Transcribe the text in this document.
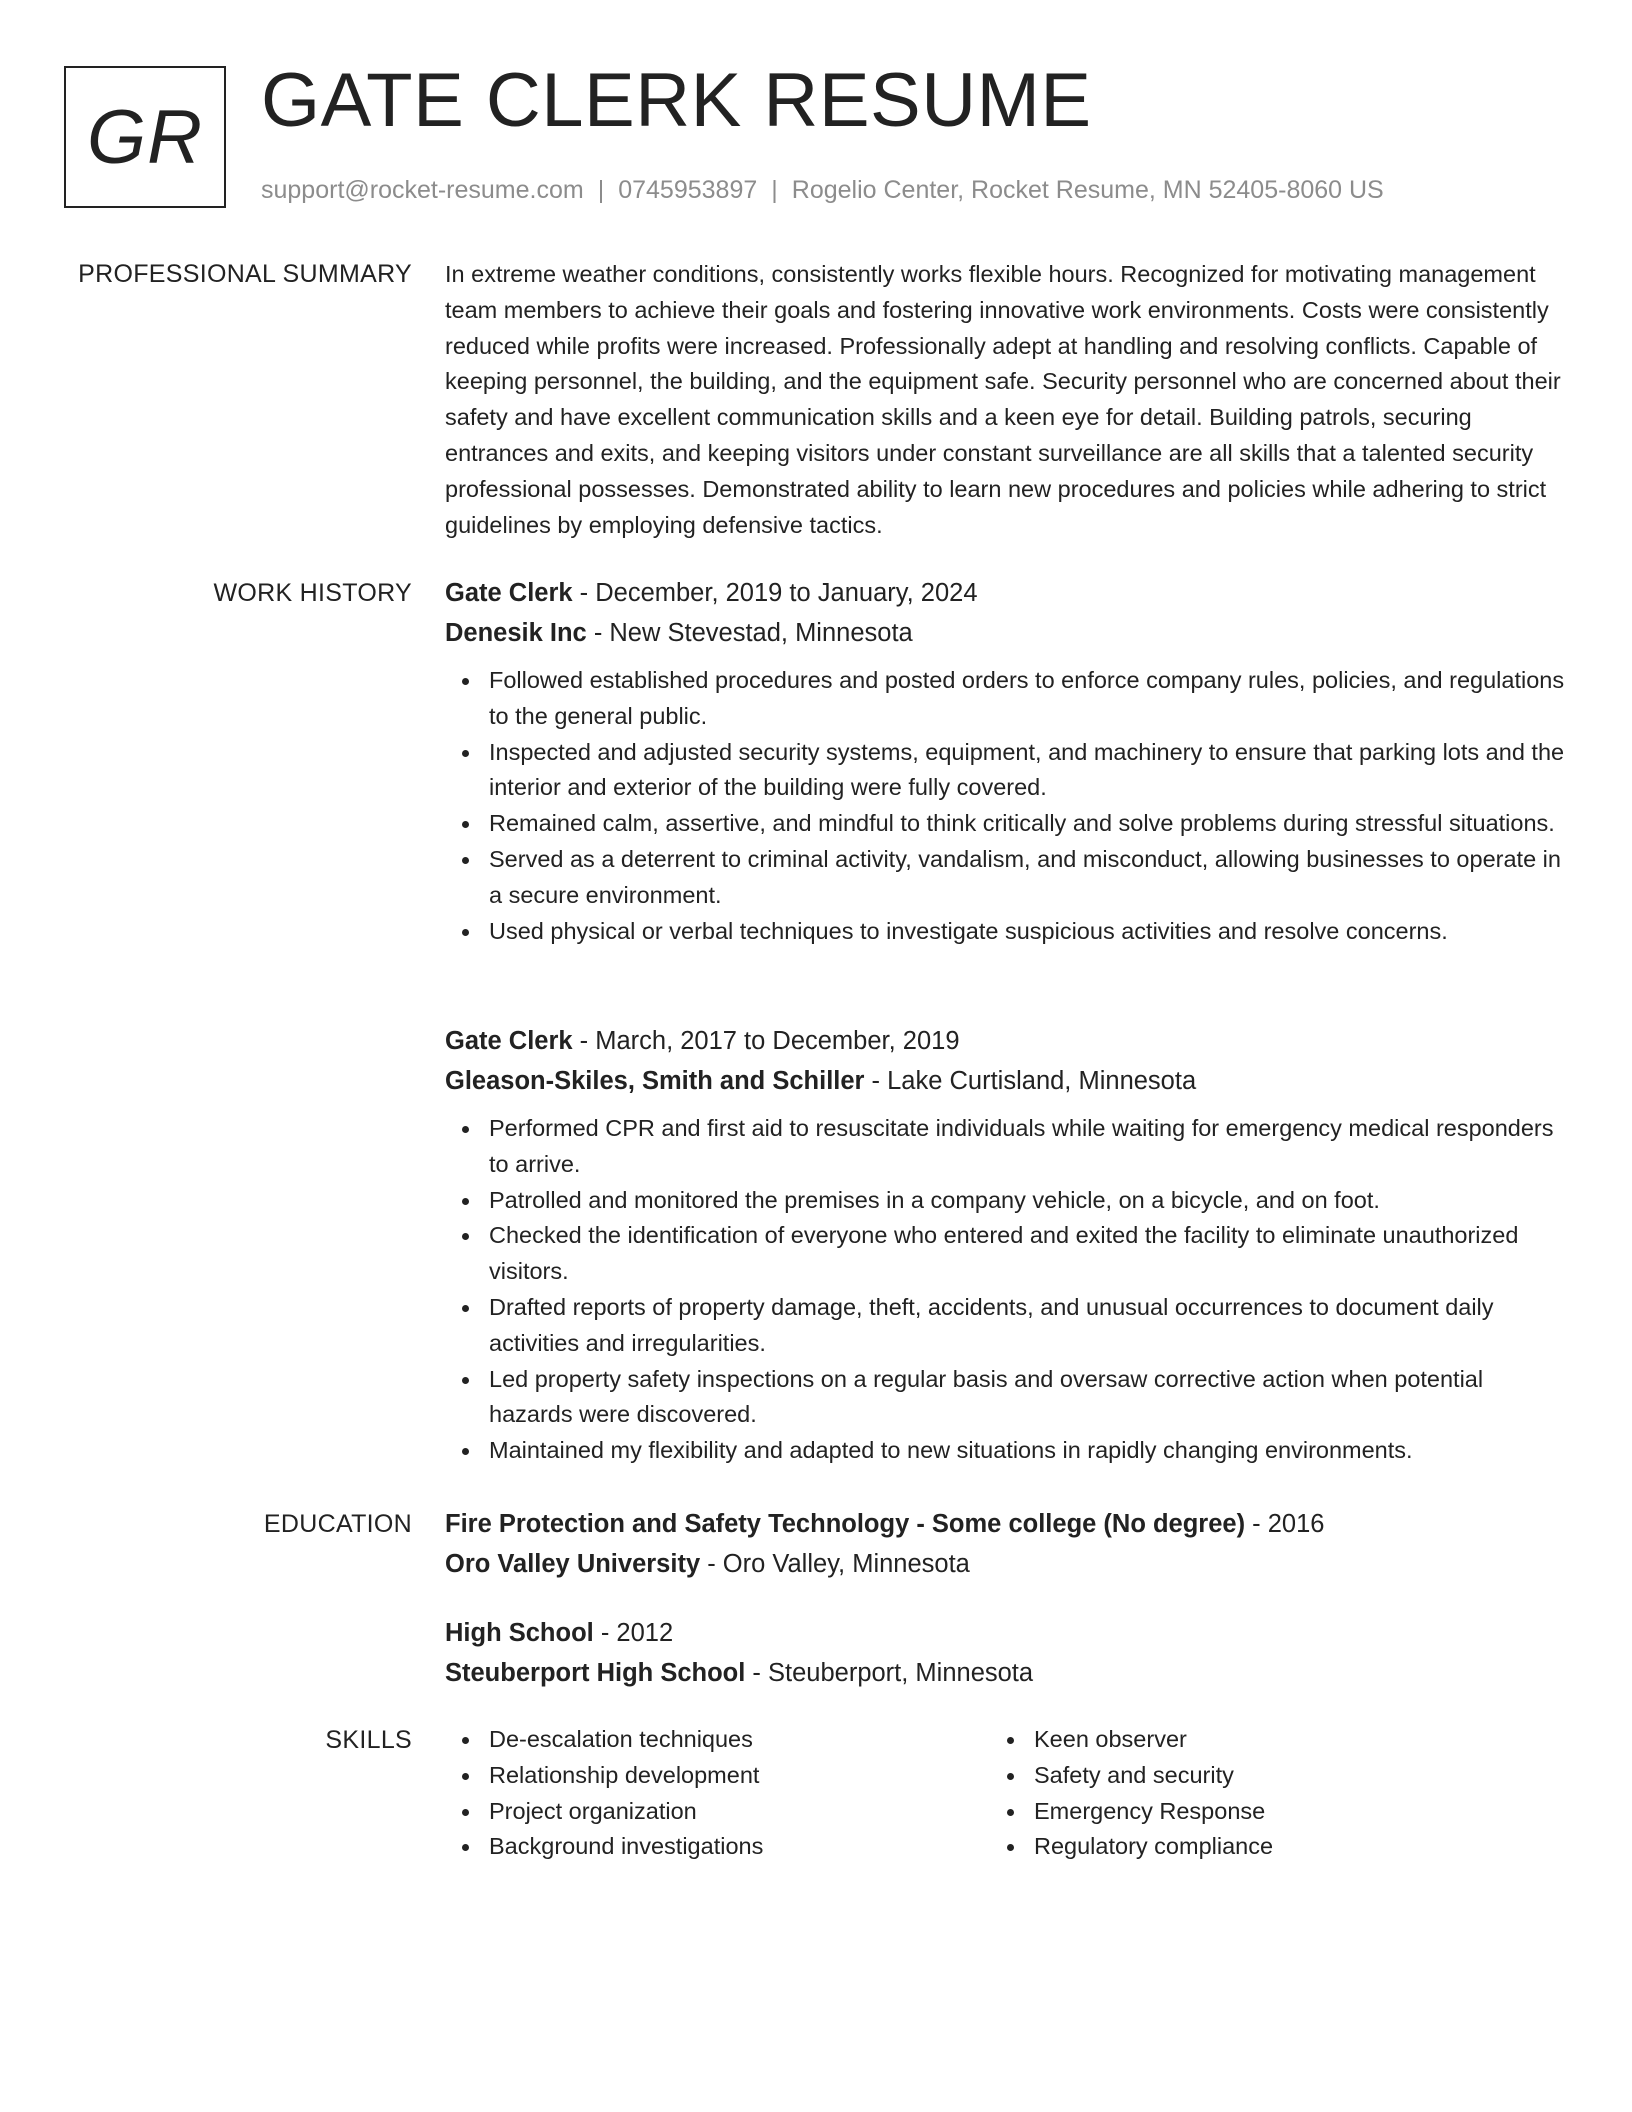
GR GATE CLERK RESUME
support@rocket-resume.com | 0745953897 | Rogelio Center, Rocket Resume, MN 52405-8060 US
PROFESSIONAL SUMMARY In extreme weather conditions, consistently works flexible hours. Recognized for motivating management team members to achieve their goals and fostering innovative work environments. Costs were consistently reduced while profits were increased. Professionally adept at handling and resolving conflicts. Capable of keeping personnel, the building, and the equipment safe. Security personnel who are concerned about their safety and have excellent communication skills and a keen eye for detail. Building patrols, securing entrances and exits, and keeping visitors under constant surveillance are all skills that a talented security professional possesses. Demonstrated ability to learn new procedures and policies while adhering to strict guidelines by employing defensive tactics.

WORK HISTORY Gate Clerk - December, 2019 to January, 2024
Denesik Inc - New Stevestad, Minnesota
Followed established procedures and posted orders to enforce company rules, policies, and regulations to the general public.
Inspected and adjusted security systems, equipment, and machinery to ensure that parking lots and the interior and exterior of the building were fully covered.
Remained calm, assertive, and mindful to think critically and solve problems during stressful situations.
Served as a deterrent to criminal activity, vandalism, and misconduct, allowing businesses to operate in a secure environment.
Used physical or verbal techniques to investigate suspicious activities and resolve concerns.
Gate Clerk - March, 2017 to December, 2019
Gleason-Skiles, Smith and Schiller - Lake Curtisland, Minnesota
Performed CPR and first aid to resuscitate individuals while waiting for emergency medical responders to arrive.
Patrolled and monitored the premises in a company vehicle, on a bicycle, and on foot.
Checked the identification of everyone who entered and exited the facility to eliminate unauthorized visitors.
Drafted reports of property damage, theft, accidents, and unusual occurrences to document daily activities and irregularities.
Led property safety inspections on a regular basis and oversaw corrective action when potential hazards were discovered.
Maintained my flexibility and adapted to new situations in rapidly changing environments.
EDUCATION Fire Protection and Safety Technology - Some college (No degree) - 2016
Oro Valley University - Oro Valley, Minnesota
High School - 2012
Steuberport High School - Steuberport, Minnesota
SKILLS	De-escalation techniques
Relationship development
Project organization
Background investigations
Keen observer
Safety and security
Emergency Response
Regulatory compliance
